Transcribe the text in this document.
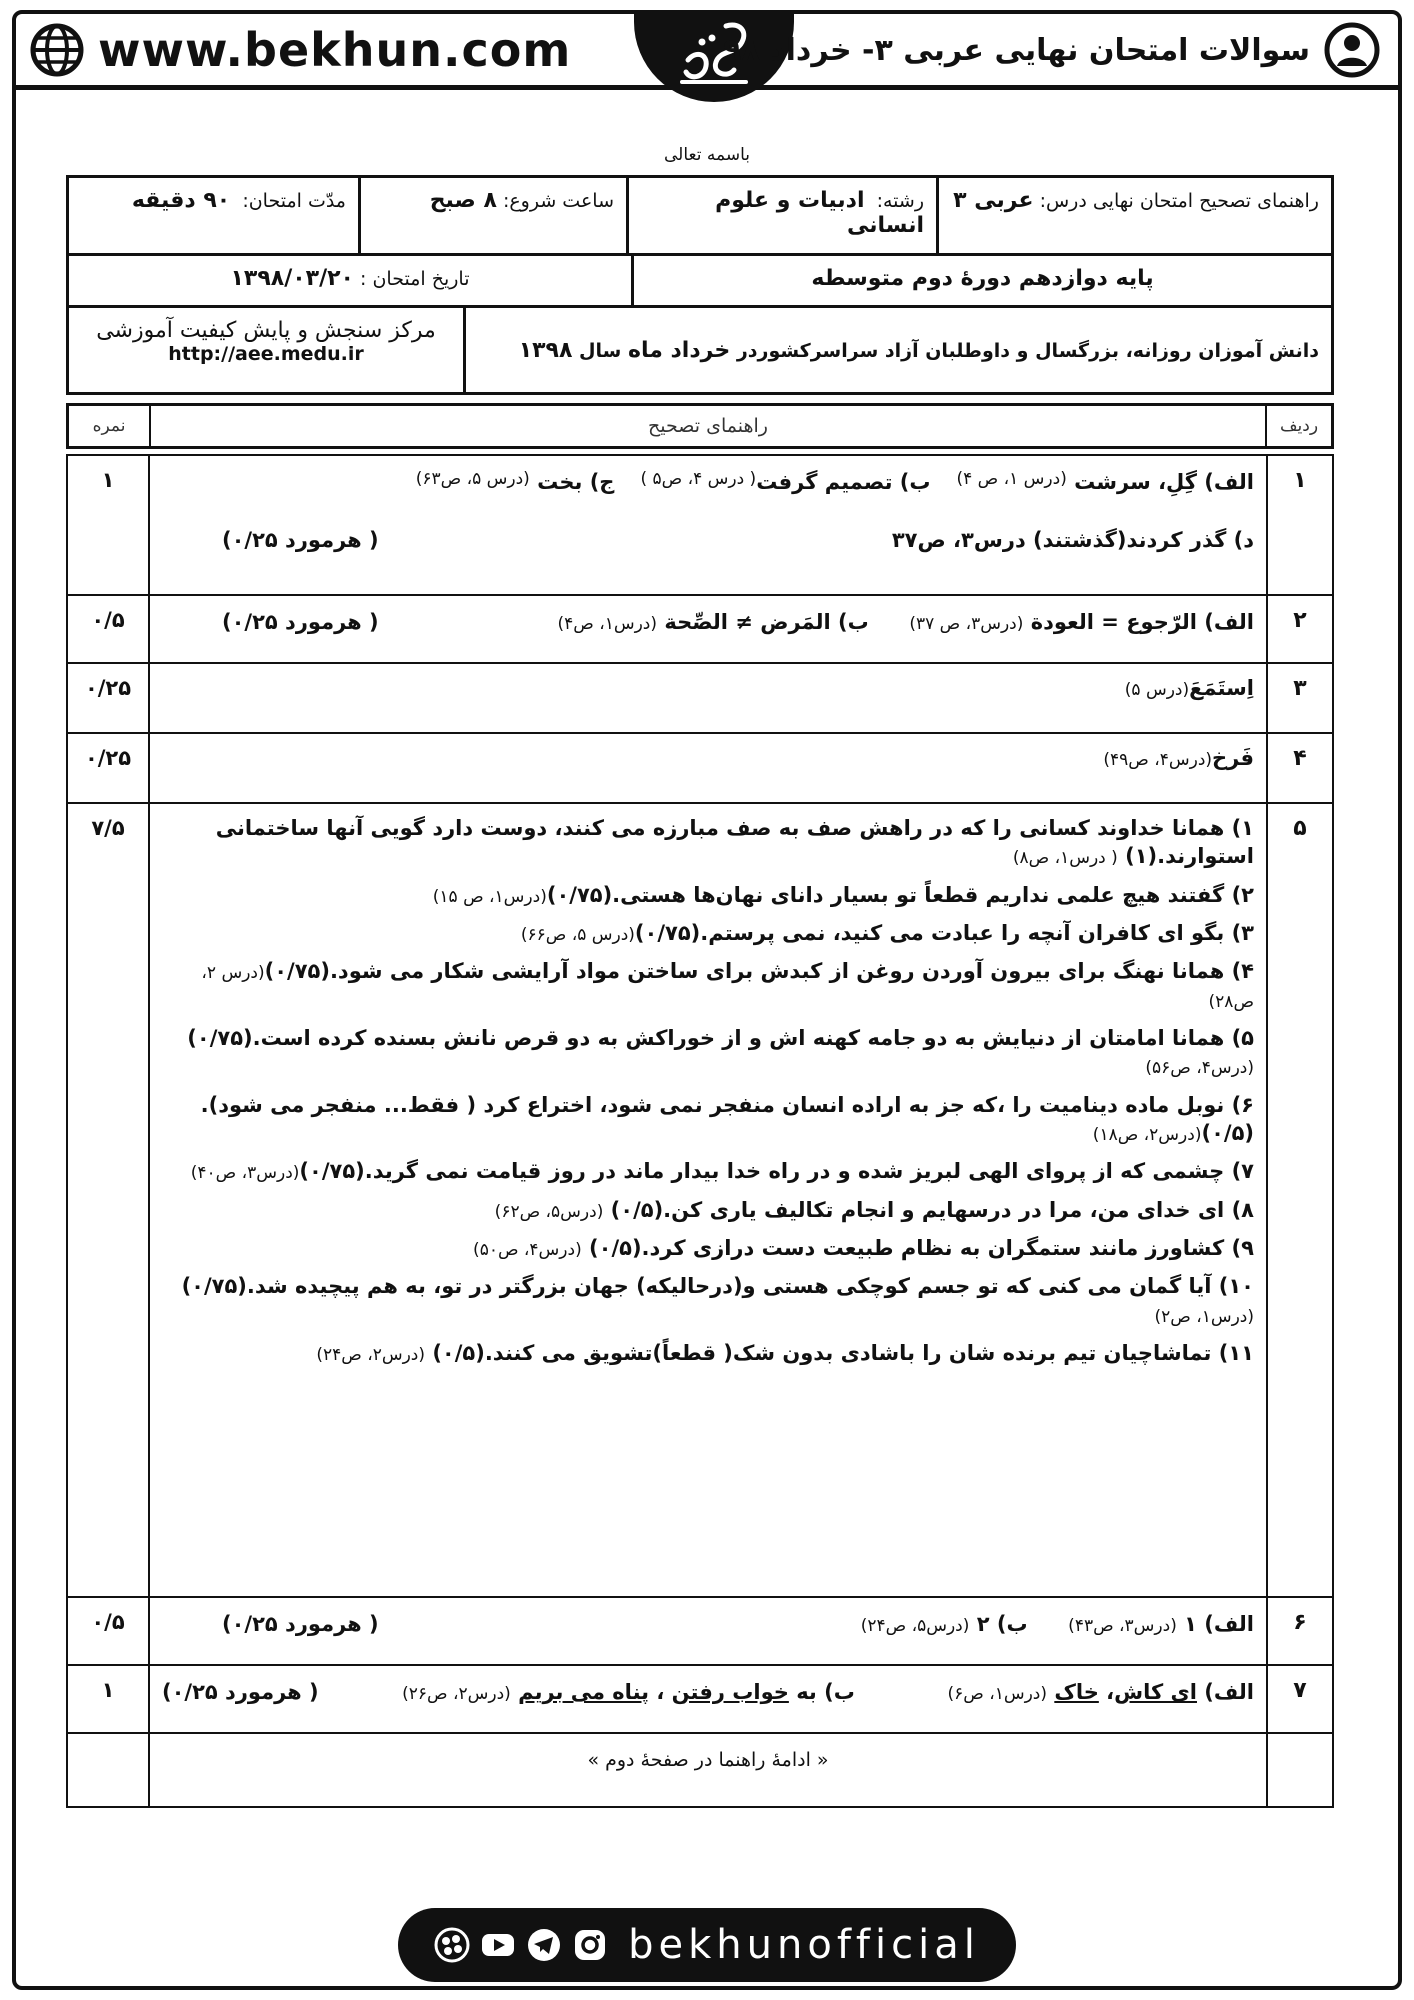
www.bekhun.com	سوالات امتحان نهایی عربی ۳- خرداد ۹۸
باسمه تعالی
راهنمای تصحیح امتحان نهایی درس: عربی ۳
رشته:  ادبیات و علوم انسانی
ساعت شروع: ۸ صبح
مدّت امتحان:  ۹۰ دقیقه
پایه دوازدهم دورهٔ دوم متوسطه
تاریخ امتحان : ۱۳۹۸/۰۳/۲۰
دانش آموزان روزانه، بزرگسال و داوطلبان آزاد سراسرکشوردر خرداد ماه سال ۱۳۹۸
مرکز سنجش و پایش کیفیت آموزشی
http://aee.medu.ir
ردیف
راهنمای تصحیح
نمره
۱
الف) گِلِ، سرشت

(درس ۱، ص ۴)
ب) تصمیم گرفت
( درس ۴، ص۵ )
ج) بخت

(درس ۵، ص۶۳)
د) گذر کردند(گذشتند) درس۳، ص۳۷
( هرمورد ۰/۲۵)
۱
۲
الف) الرّجوع = العودة (درس۳، ص ۳۷)  ب) المَرض ≠ الصِّحة (درس۱، ص۴)
( هرمورد ۰/۲۵)
۰/۵
۳
اِستَمَعَ(درس ۵)
۰/۲۵
۴
فَرخ(درس۴، ص۴۹)
۰/۲۵
۵
۱) همانا خداوند کسانی را که در راهش صف به صف مبارزه می کنند، دوست دارد گویی آنها ساختمانی استوارند.(۱) ( درس۱، ص۸)
۲) گفتند هیچ علمی نداریم قطعاً تو بسیار دانای نهان‌ها هستی.(۰/۷۵)(درس۱، ص ۱۵)
۳) بگو ای کافران آنچه را عبادت می کنید، نمی پرستم.(۰/۷۵)(درس ۵، ص۶۶)
۴) همانا نهنگ برای بیرون آوردن روغن از کبدش برای ساختن مواد آرایشی شکار می شود.(۰/۷۵)(درس ۲، ص۲۸)
۵) همانا امامتان از دنیایش به دو جامه کهنه اش و از خوراکش به دو قرص نانش بسنده کرده است.(۰/۷۵)(درس۴، ص۵۶)
۶) نوبل ماده دینامیت را ،که جز به اراده انسان منفجر نمی شود، اختراع کرد ( فقط... منفجر می شود).(۰/۵)(درس۲، ص۱۸)
۷) چشمی که از پروای الهی لبریز شده و در راه خدا بیدار ماند در روز قیامت نمی گرید.(۰/۷۵)(درس۳، ص۴۰)
۸) ای خدای من، مرا در درسهایم و انجام تکالیف یاری کن.(۰/۵) (درس۵، ص۶۲)
۹) کشاورز مانند ستمگران به نظام طبیعت دست درازی کرد.(۰/۵) (درس۴، ص۵۰)
۱۰) آیا گمان می کنی که تو جسم کوچکی هستی و(درحالیکه) جهان بزرگتر در تو، به هم پیچیده شد.(۰/۷۵) (درس۱، ص۲)
۱۱) تماشاچیان تیم برنده شان را باشادی بدون شک( قطعاً)تشویق می کنند.(۰/۵) (درس۲، ص۲۴)
۷/۵
۶
الف) ۱ (درس۳، ص۴۳)  ب) ۲ (درس۵، ص۲۴)
( هرمورد ۰/۲۵)
۰/۵
۷
الف) ای کاش، خاک (درس۱، ص۶)  ب) به خواب رفتن ، پناه می بریم (درس۲، ص۲۶)
( هرمورد ۰/۲۵)
۱
« ادامهٔ راهنما در صفحهٔ دوم »
bekhunofficial
